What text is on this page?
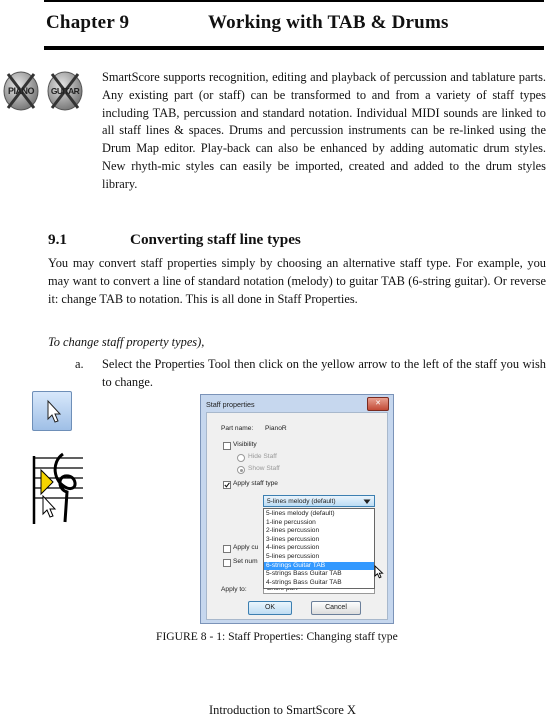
Chapter 9	Working with TAB & Drums
PIANO	GUITAR

SmartScore supports recognition, editing and playback of percussion and tablature parts. Any existing part (or staff) can be transformed to and from a variety of staff types including TAB, percussion and standard notation. Individual MIDI sounds are linked to all staff lines & spaces. Drums and percussion instruments can be re-linked using the Drum Map editor. Play-back can also be enhanced by adding automatic drum styles. New rhyth-mic styles can easily be imported, created and added to the drum styles library.

9.1	Converting staff line types

You may convert staff properties simply by choosing an alternative staff type. For example, you may want to convert a line of standard notation (melody) to guitar TAB (6-string guitar). Or reverse it: change TAB to notation. This is all done in Staff Properties.

To change staff property types),
a. Select the Properties Tool then click on the yellow arrow to the left of the staff you wish to change.

Staff properties	✕
Part name: PianoR
Visibility
Hide Staff
Show Staff
Apply staff type
5-lines melody (default)
Apply cu
Set num
Apply to:
OK	Cancel
5-lines melody (default)
1-line percussion
2-lines percussion
3-lines percussion
4-lines percussion
5-lines percussion
6-strings Guitar TAB
5-strings Bass Guitar TAB
4-strings Bass Guitar TAB
FIGURE 8 - 1: Staff Properties: Changing staff type
Introduction to SmartScore X
